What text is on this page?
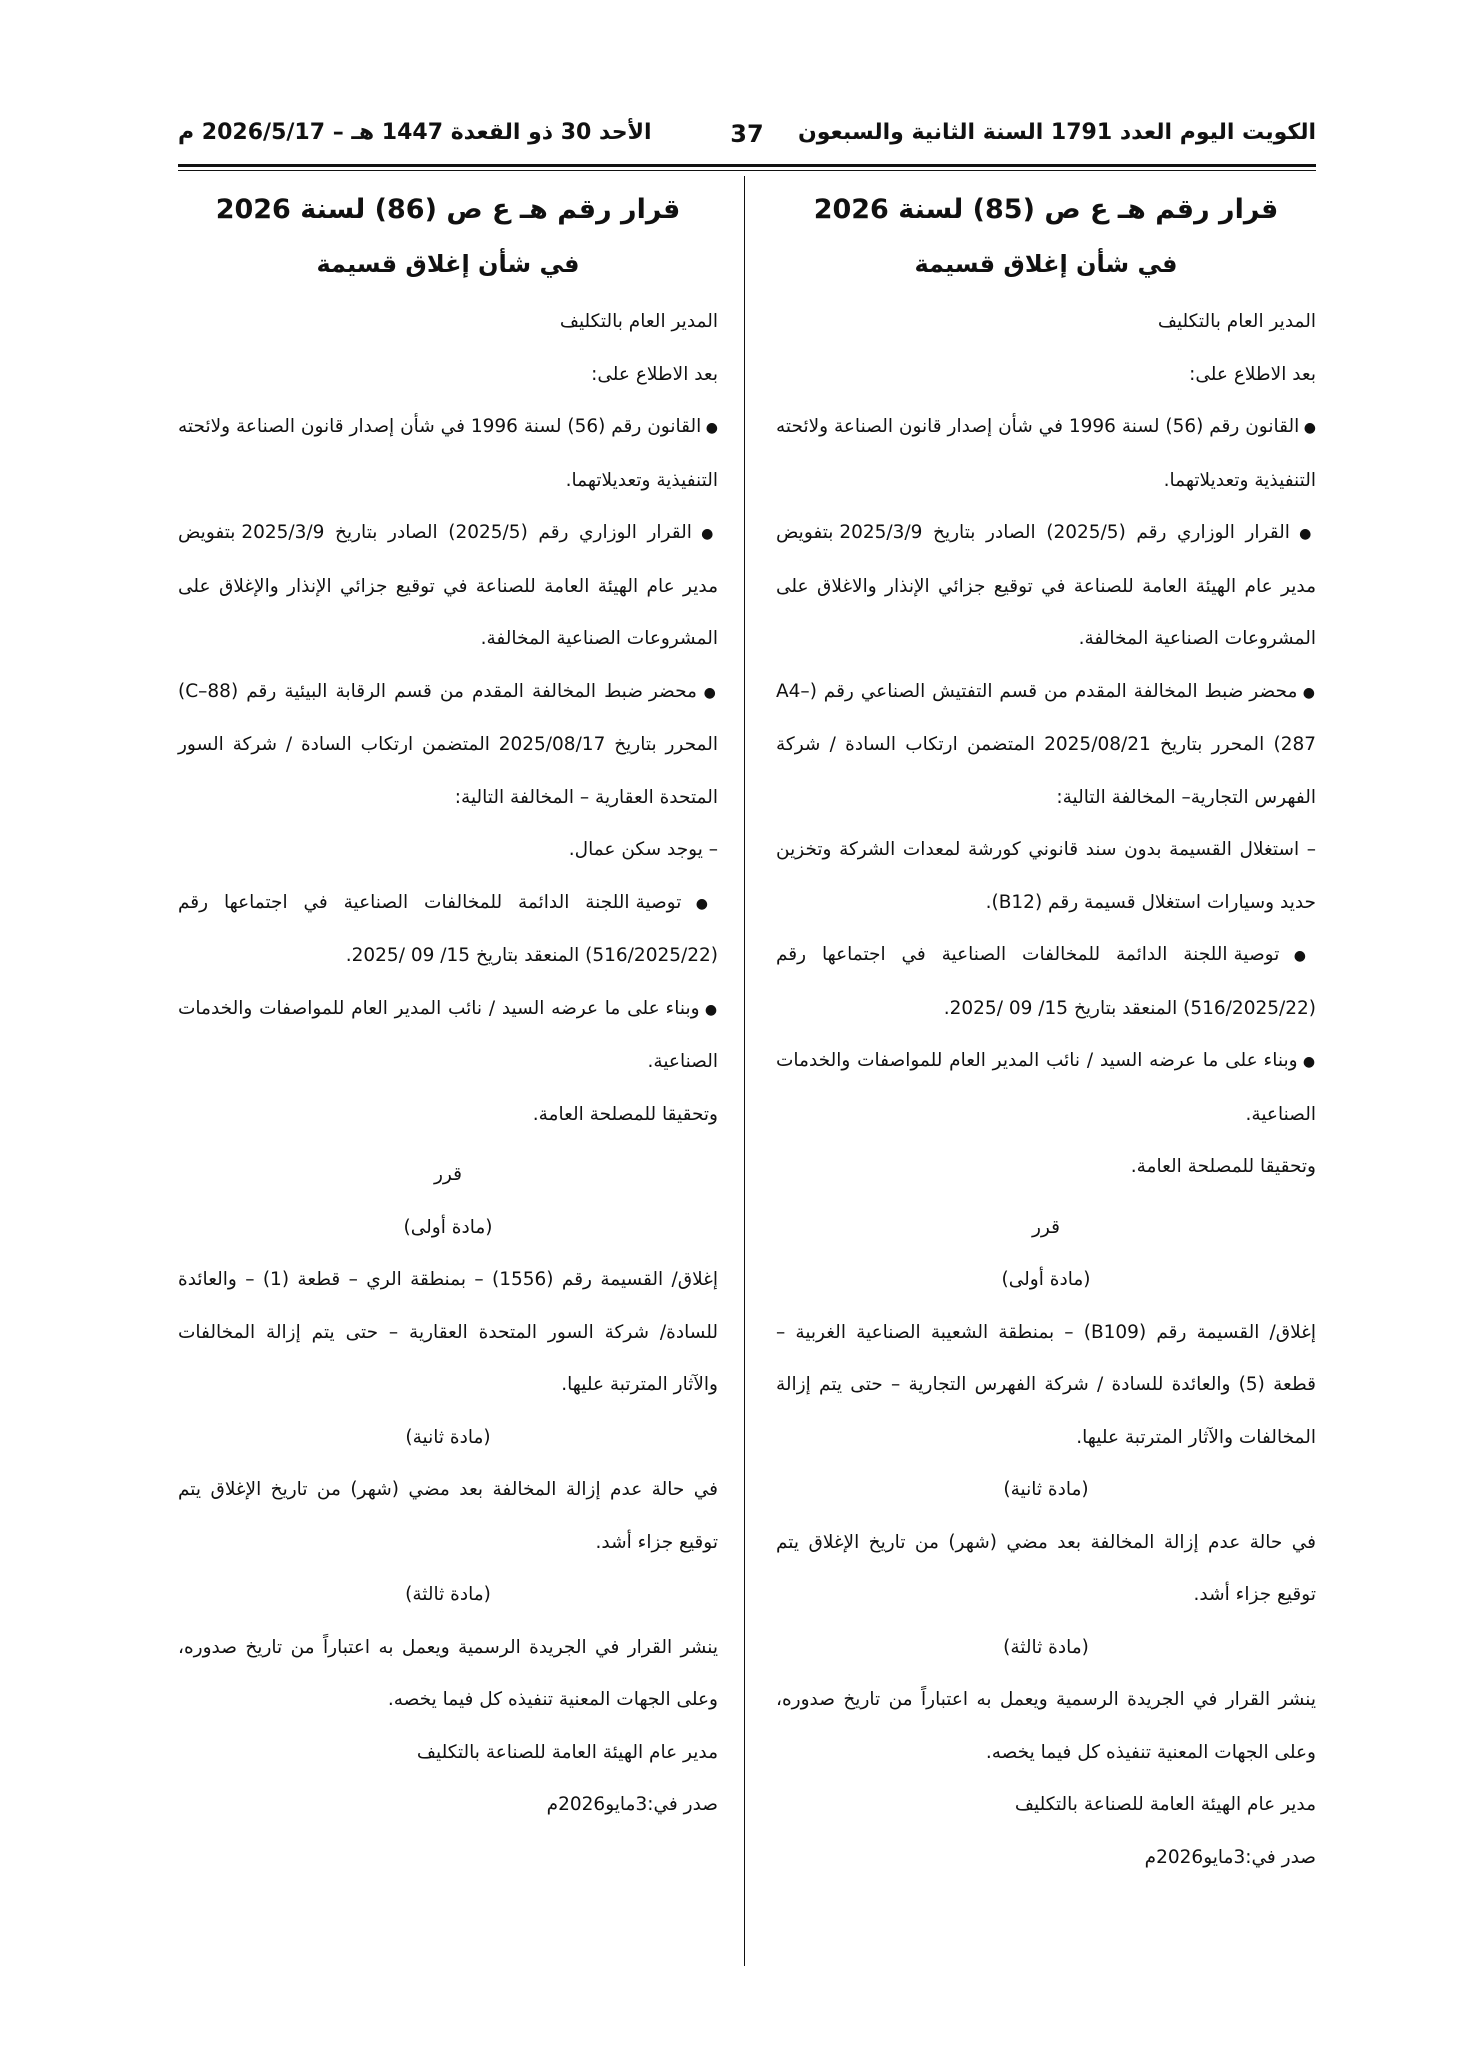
الكويت اليوم العدد 1791 السنة الثانية والسبعون
37
الأحد 30 ذو القعدة 1447 هـ – 2026/5/17 م
قرار رقم هـ ع ص (85) لسنة 2026
في شأن إغلاق قسيمة

المدير العام بالتكليف

بعد الاطلاع على:

● القانون رقم (56) لسنة 1996 في شأن إصدار قانون الصناعة ولائحته التنفيذية وتعديلاتهما.

● القرار الوزاري رقم (2025/5) الصادر بتاريخ 2025/3/9 بتفويض مدير عام الهيئة العامة للصناعة في توقيع جزائي الإنذار والاغلاق على المشروعات الصناعية المخالفة.

● محضر ضبط المخالفة المقدم من قسم التفتيش الصناعي رقم (A4–287) المحرر بتاريخ 2025/08/21 المتضمن ارتكاب السادة / شركة الفهرس التجارية– المخالفة التالية:

– استغلال القسيمة بدون سند قانوني كورشة لمعدات الشركة وتخزين حديد وسيارات استغلال قسيمة رقم (B12).

● توصية اللجنة الدائمة للمخالفات الصناعية في اجتماعها رقم (516/2025/22) المنعقد بتاريخ 15/ 09 /2025.

● وبناء على ما عرضه السيد / نائب المدير العام للمواصفات والخدمات الصناعية.

وتحقيقا للمصلحة العامة.

قرر

(مادة أولى)

إغلاق/ القسيمة رقم (B109) – بمنطقة الشعيبة الصناعية الغربية – قطعة (5) والعائدة للسادة / شركة الفهرس التجارية – حتى يتم إزالة المخالفات والآثار المترتبة عليها.

(مادة ثانية)

في حالة عدم إزالة المخالفة بعد مضي (شهر) من تاريخ الإغلاق يتم توقيع جزاء أشد.

(مادة ثالثة)

ينشر القرار في الجريدة الرسمية ويعمل به اعتباراً من تاريخ صدوره، وعلى الجهات المعنية تنفيذه كل فيما يخصه.

مدير عام الهيئة العامة للصناعة بالتكليف

صدر في:3مايو2026م

قرار رقم هـ ع ص (86) لسنة 2026
في شأن إغلاق قسيمة

المدير العام بالتكليف

بعد الاطلاع على:

● القانون رقم (56) لسنة 1996 في شأن إصدار قانون الصناعة ولائحته التنفيذية وتعديلاتهما.

● القرار الوزاري رقم (2025/5) الصادر بتاريخ 2025/3/9 بتفويض مدير عام الهيئة العامة للصناعة في توقيع جزائي الإنذار والإغلاق على المشروعات الصناعية المخالفة.

● محضر ضبط المخالفة المقدم من قسم الرقابة البيئية رقم (C–88) المحرر بتاريخ 2025/08/17 المتضمن ارتكاب السادة / شركة السور المتحدة العقارية – المخالفة التالية:

– يوجد سكن عمال.

● توصية اللجنة الدائمة للمخالفات الصناعية في اجتماعها رقم (516/2025/22) المنعقد بتاريخ 15/ 09 /2025.

● وبناء على ما عرضه السيد / نائب المدير العام للمواصفات والخدمات الصناعية.

وتحقيقا للمصلحة العامة.

قرر

(مادة أولى)

إغلاق/ القسيمة رقم (1556) – بمنطقة الري – قطعة (1) – والعائدة للسادة/ شركة السور المتحدة العقارية – حتى يتم إزالة المخالفات والآثار المترتبة عليها.

(مادة ثانية)

في حالة عدم إزالة المخالفة بعد مضي (شهر) من تاريخ الإغلاق يتم توقيع جزاء أشد.

(مادة ثالثة)

ينشر القرار في الجريدة الرسمية ويعمل به اعتباراً من تاريخ صدوره، وعلى الجهات المعنية تنفيذه كل فيما يخصه.

مدير عام الهيئة العامة للصناعة بالتكليف

صدر في:3مايو2026م
